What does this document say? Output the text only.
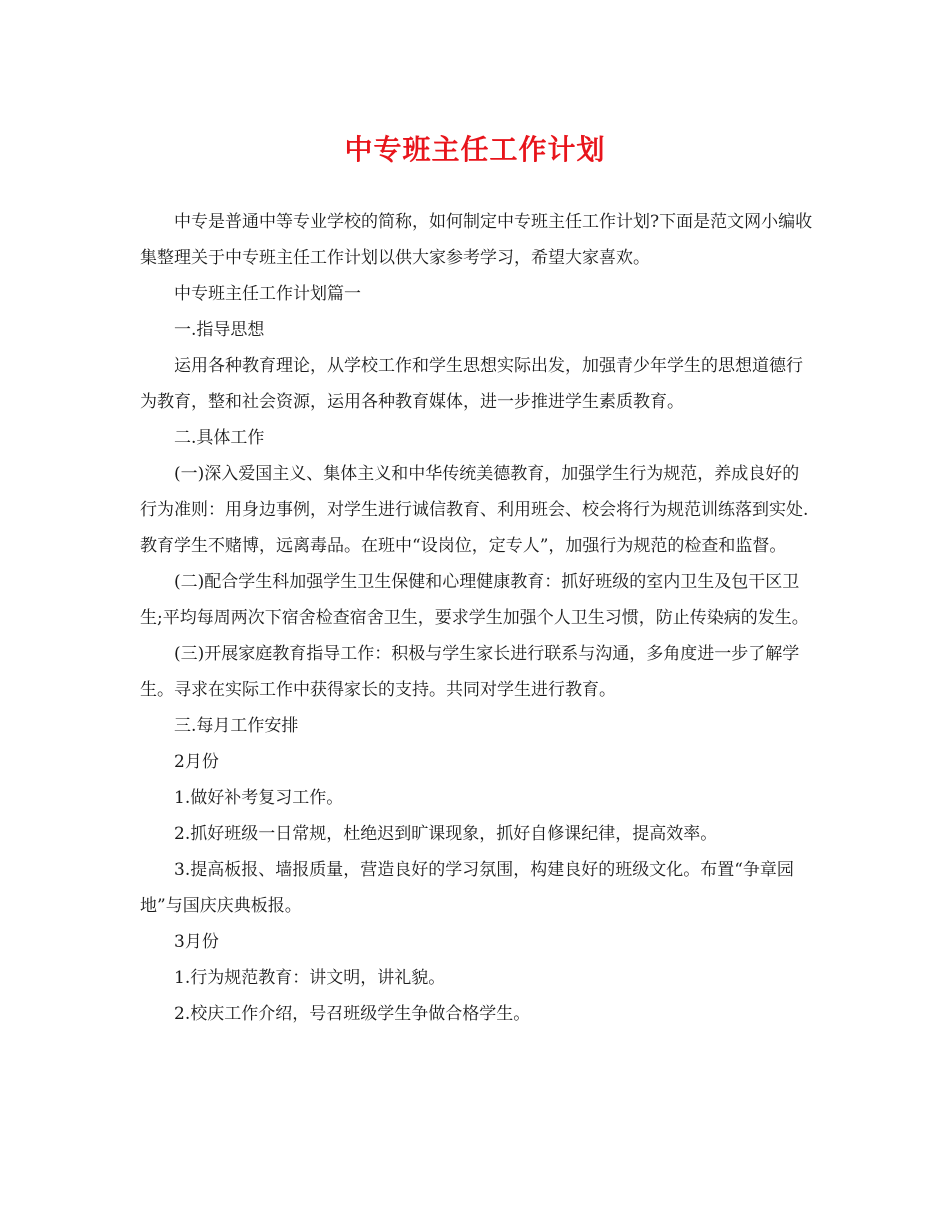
中专班主任工作计划

中专是普通中等专业学校的简称，如何制定中专班主任工作计划?下面是范文网小编收集整理关于中专班主任工作计划以供大家参考学习，希望大家喜欢。

中专班主任工作计划篇一

一.指导思想

运用各种教育理论，从学校工作和学生思想实际出发，加强青少年学生的思想道德行为教育，整和社会资源，运用各种教育媒体，进一步推进学生素质教育。

二.具体工作

(一)深入爱国主义、集体主义和中华传统美德教育，加强学生行为规范，养成良好的行为准则：用身边事例，对学生进行诚信教育、利用班会、校会将行为规范训练落到实处.教育学生不赌博，远离毒品。在班中“设岗位，定专人”，加强行为规范的检查和监督。

(二)配合学生科加强学生卫生保健和心理健康教育：抓好班级的室内卫生及包干区卫生;平均每周两次下宿舍检查宿舍卫生，要求学生加强个人卫生习惯，防止传染病的发生。

(三)开展家庭教育指导工作：积极与学生家长进行联系与沟通，多角度进一步了解学生。寻求在实际工作中获得家长的支持。共同对学生进行教育。

三.每月工作安排

2月份

1.做好补考复习工作。

2.抓好班级一日常规，杜绝迟到旷课现象，抓好自修课纪律，提高效率。

3.提高板报、墙报质量，营造良好的学习氛围，构建良好的班级文化。布置“争章园地”与国庆庆典板报。

3月份

1.行为规范教育：讲文明，讲礼貌。

2.校庆工作介绍，号召班级学生争做合格学生。
